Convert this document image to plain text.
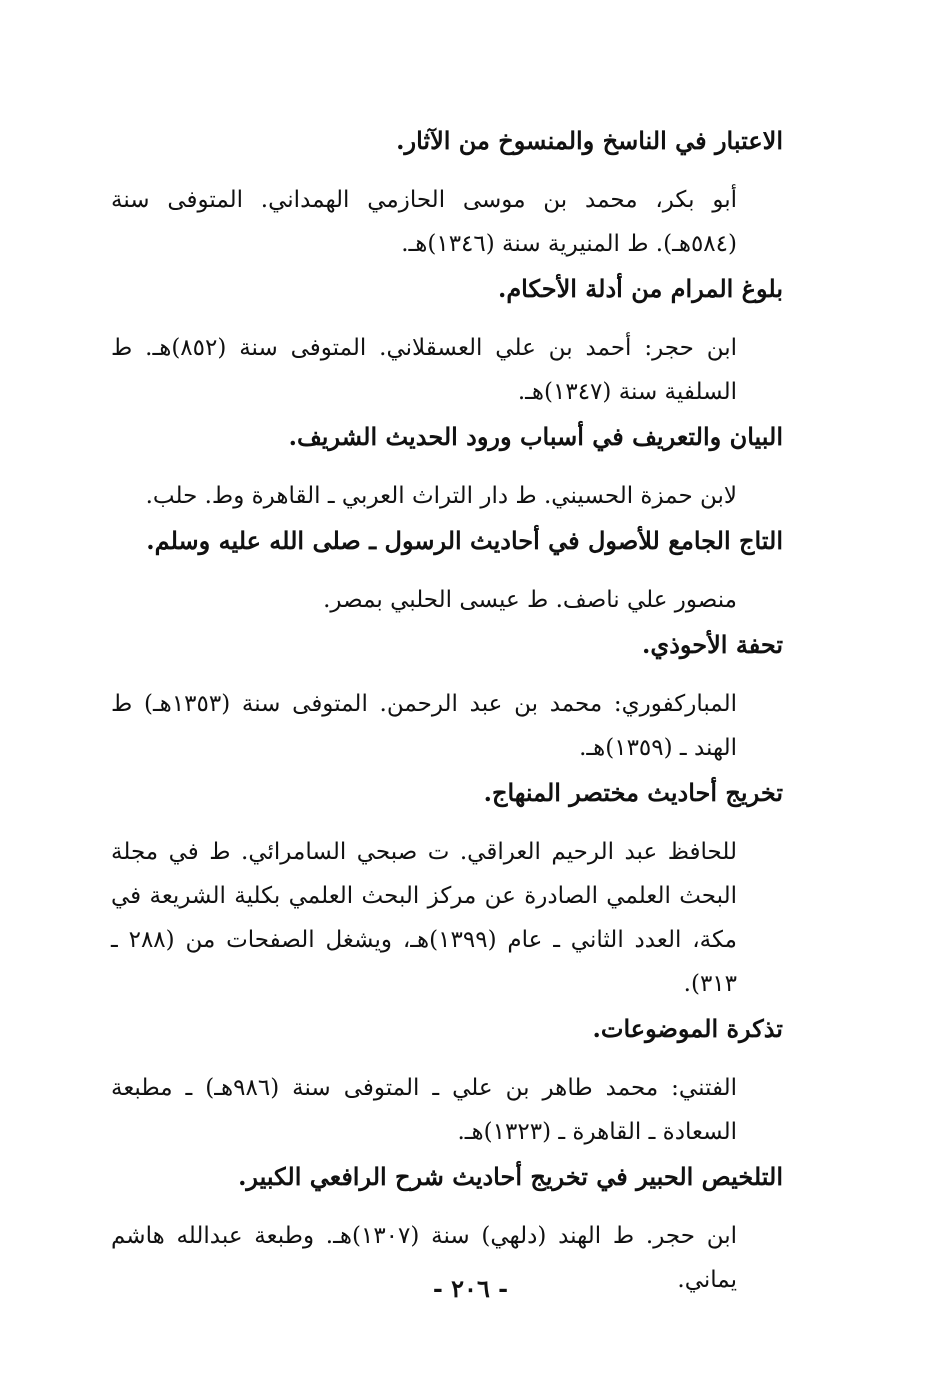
الاعتبار في الناسخ والمنسوخ من الآثار.

أبو بكر، محمد بن موسى الحازمي الهمداني. المتوفى سنة (٥٨٤هـ). ط المنيرية سنة (١٣٤٦)هـ.

بلوغ المرام من أدلة الأحكام.

ابن حجر: أحمد بن علي العسقلاني. المتوفى سنة (٨٥٢)هـ. ط السلفية سنة (١٣٤٧)هـ.

البيان والتعريف في أسباب ورود الحديث الشريف.

لابن حمزة الحسيني. ط دار التراث العربي ـ القاهرة وط. حلب.

التاج الجامع للأصول في أحاديث الرسول ـ صلى الله عليه وسلم.

منصور علي ناصف. ط عيسى الحلبي بمصر.

تحفة الأحوذي.

المباركفوري: محمد بن عبد الرحمن. المتوفى سنة (١٣٥٣هـ) ط الهند ـ (١٣٥٩)هـ.

تخريج أحاديث مختصر المنهاج.

للحافظ عبد الرحيم العراقي. ت صبحي السامرائي. ط في مجلة البحث العلمي الصادرة عن مركز البحث العلمي بكلية الشريعة في مكة، العدد الثاني ـ عام (١٣٩٩)هـ، ويشغل الصفحات من (٢٨٨ ـ ٣١٣).

تذكرة الموضوعات.

الفتني: محمد طاهر بن علي ـ المتوفى سنة (٩٨٦هـ) ـ مطبعة السعادة ـ القاهرة ـ (١٣٢٣)هـ.

التلخيص الحبير في تخريج أحاديث شرح الرافعي الكبير.

ابن حجر. ط الهند (دلهي) سنة (١٣٠٧)هـ. وطبعة عبدالله هاشم يماني.

- ٢٠٦ -
